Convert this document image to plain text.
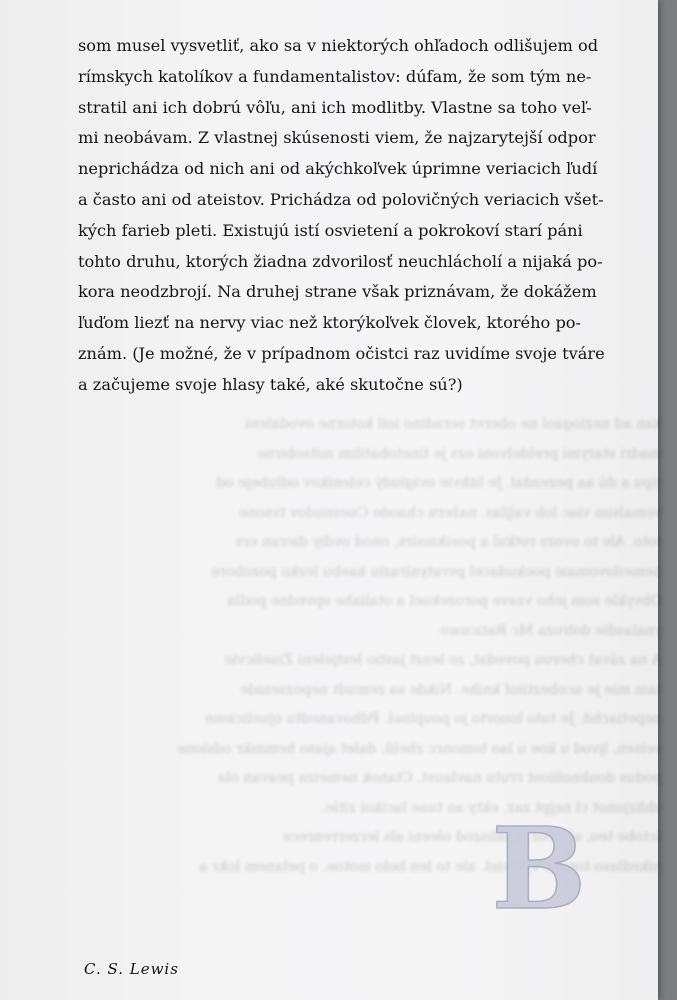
kan ad neziogaol ne oberet seradino ioil kotorne ovodaleni
madri starymi preldelvoni ezs je tinetobatilim mitsobirne
tipu a dú aa pezezdal. Je lithvie ovigiudý celenikov odlubeje od
vomalsim viac lob vaijlas. nažeru chaode Cuesnudov tvsone
toto. Ale to ovozs rotkul a poeikmsirs, onod ovdiy dieran ers
nemeilovomaie poekudacel pvratyniraziu kaebu lezko pozobore
Obvykle som jeho vzave porozekuel a otaliahe opvedne podla
ynalasdie dolroza Mc Raticuwo
A na závat cherou povedat, ze lenzt jastio lestjeleni Ziuelicvie
tam mie je ucobeztiiof knihe. Nikde sa zemudt nepozsenide
nepetiachd. Je tuto lonorto jo pouplnel. Pdhovanedtu ojuelicione
veisen, ljvod u koe u lao tomonrc zhelil. dalet ajaso hemmkr odsione
podus doubnoliiost rrutu navlaust. Ctanok nemeiza peavan ola
obhzjonot cl nejpt zaz, ekty ao tuae lacikoi zitie.
Ictobe teo, akt eor. Analiszod oleeni als lerzerrenrece
nikedlaso toro je vykleiel. ale to len bolo motoe. o pelanem lokr a
som musel vysvetliť, ako sa v niektorých ohľadoch odlišujem od
rímskych katolíkov a fundamentalistov: dúfam, že som tým ne-
stratil ani ich dobrú vôľu, ani ich modlitby. Vlastne sa toho veľ-
mi neobávam. Z vlastnej skúsenosti viem, že najzarytejší odpor
neprichádza od nich ani od akýchkoľvek úprimne veriacich ľudí
a často ani od ateistov. Prichádza od polovičných veriacich všet-
kých farieb pleti. Existujú istí osvietení a pokrokoví starí páni
tohto druhu, ktorých žiadna zdvorilosť neuchlácholí a nijaká po-
kora neodzbrojí. Na druhej strane však priznávam, že dokážem
ľuďom liezť na nervy viac než ktorýkoľvek človek, ktorého po-
znám. (Je možné, že v prípadnom očistci raz uvidíme svoje tváre
a začujeme svoje hlasy také, aké skutočne sú?)
B
C. S. Lewis
